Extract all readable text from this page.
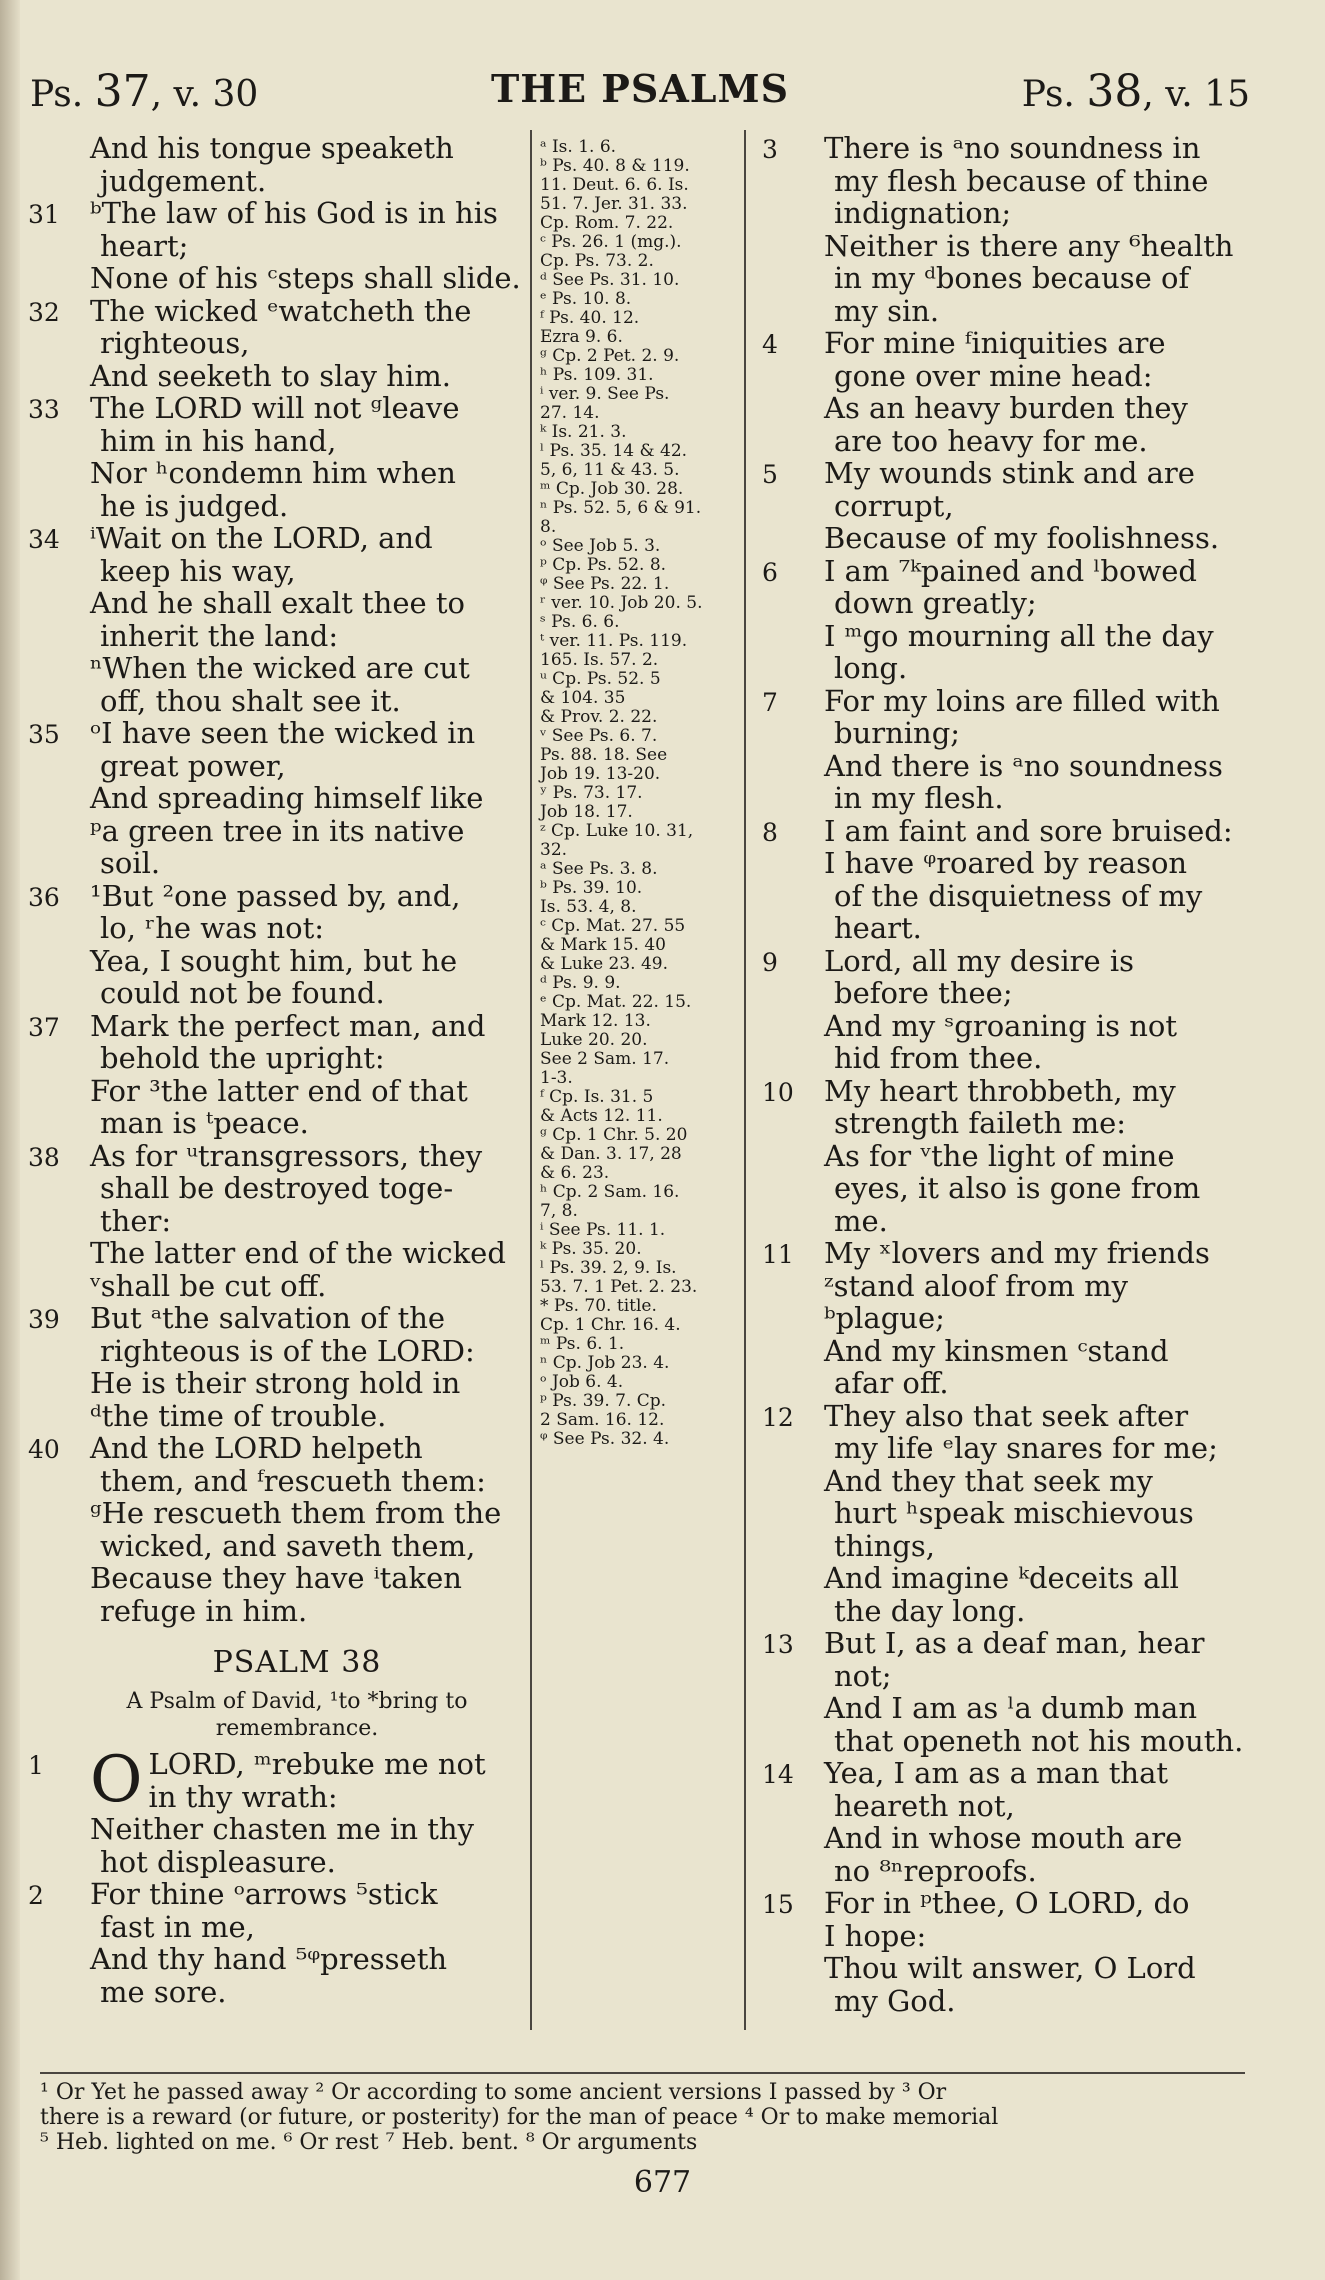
Ps. 37, v. 30	THE PSALMS	Ps. 38, v. 15
And his tongue speaketh
judgement.
31 ᵇThe law of his God is in his
heart;
None of his ᶜsteps shall slide.
32 The wicked ᵉwatcheth the
righteous,
And seeketh to slay him.
33 The LORD will not ᵍleave
him in his hand,
Nor ʰcondemn him when
he is judged.
34 ⁱWait on the LORD, and
keep his way,
And he shall exalt thee to
inherit the land:
ⁿWhen the wicked are cut
off, thou shalt see it.
35 ᵒI have seen the wicked in
great power,
And spreading himself like
ᵖa green tree in its native
soil.
36 ¹But ²one passed by, and,
lo, ʳhe was not:
Yea, I sought him, but he
could not be found.
37 Mark the perfect man, and
behold the upright:
For ³the latter end of that
man is ᵗpeace.
38 As for ᵘtransgressors, they
shall be destroyed toge-
ther:
The latter end of the wicked
ᵛshall be cut off.
39 But ᵃthe salvation of the
righteous is of the LORD:
He is their strong hold in
ᵈthe time of trouble.
40 And the LORD helpeth
them, and ᶠrescueth them:
ᵍHe rescueth them from the
wicked, and saveth them,
Because they have ⁱtaken
refuge in him.
PSALM 38
A Psalm of David, ¹to *bring to remembrance.
1 O LORD, ᵐrebuke me not
in thy wrath:
Neither chasten me in thy
hot displeasure.
2 For thine ᵒarrows ⁵stick
fast in me,
And thy hand ⁵ᵠpresseth
me sore.
ᵃ Is. 1. 6.
ᵇ Ps. 40. 8 & 119.
11. Deut. 6. 6. Is.
51. 7. Jer. 31. 33.
Cp. Rom. 7. 22.
ᶜ Ps. 26. 1 (mg.).
Cp. Ps. 73. 2.
ᵈ See Ps. 31. 10.
ᵉ Ps. 10. 8.
ᶠ Ps. 40. 12.
Ezra 9. 6.
ᵍ Cp. 2 Pet. 2. 9.
ʰ Ps. 109. 31.
ⁱ ver. 9. See Ps.
27. 14.
ᵏ Is. 21. 3.
ˡ Ps. 35. 14 & 42.
5, 6, 11 & 43. 5.
ᵐ Cp. Job 30. 28.
ⁿ Ps. 52. 5, 6 & 91.
8.
ᵒ See Job 5. 3.
ᵖ Cp. Ps. 52. 8.
ᵠ See Ps. 22. 1.
ʳ ver. 10. Job 20. 5.
ˢ Ps. 6. 6.
ᵗ ver. 11. Ps. 119.
165. Is. 57. 2.
ᵘ Cp. Ps. 52. 5
& 104. 35
& Prov. 2. 22.
ᵛ See Ps. 6. 7.
Ps. 88. 18. See
Job 19. 13-20.
ʸ Ps. 73. 17.
Job 18. 17.
ᶻ Cp. Luke 10. 31,
32.
ᵃ See Ps. 3. 8.
ᵇ Ps. 39. 10.
Is. 53. 4, 8.
ᶜ Cp. Mat. 27. 55
& Mark 15. 40
& Luke 23. 49.
ᵈ Ps. 9. 9.
ᵉ Cp. Mat. 22. 15.
Mark 12. 13.
Luke 20. 20.
See 2 Sam. 17.
1-3.
ᶠ Cp. Is. 31. 5
& Acts 12. 11.
ᵍ Cp. 1 Chr. 5. 20
& Dan. 3. 17, 28
& 6. 23.
ʰ Cp. 2 Sam. 16.
7, 8.
ⁱ See Ps. 11. 1.
ᵏ Ps. 35. 20.
ˡ Ps. 39. 2, 9. Is.
53. 7. 1 Pet. 2. 23.
* Ps. 70. title.
Cp. 1 Chr. 16. 4.
ᵐ Ps. 6. 1.
ⁿ Cp. Job 23. 4.
ᵒ Job 6. 4.
ᵖ Ps. 39. 7. Cp.
2 Sam. 16. 12.
ᵠ See Ps. 32. 4.
3 There is ᵃno soundness in
my flesh because of thine
indignation;
Neither is there any ⁶health
in my ᵈbones because of
my sin.
4 For mine ᶠiniquities are
gone over mine head:
As an heavy burden they
are too heavy for me.
5 My wounds stink and are
corrupt,
Because of my foolishness.
6 I am ⁷ᵏpained and ˡbowed
down greatly;
I ᵐgo mourning all the day
long.
7 For my loins are filled with
burning;
And there is ᵃno soundness
in my flesh.
8 I am faint and sore bruised:
I have ᵠroared by reason
of the disquietness of my
heart.
9 Lord, all my desire is
before thee;
And my ˢgroaning is not
hid from thee.
10 My heart throbbeth, my
strength faileth me:
As for ᵛthe light of mine
eyes, it also is gone from
me.
11 My ˣlovers and my friends
ᶻstand aloof from my
ᵇplague;
And my kinsmen ᶜstand
afar off.
12 They also that seek after
my life ᵉlay snares for me;
And they that seek my
hurt ʰspeak mischievous
things,
And imagine ᵏdeceits all
the day long.
13 But I, as a deaf man, hear
not;
And I am as ˡa dumb man
that openeth not his mouth.
14 Yea, I am as a man that
heareth not,
And in whose mouth are
no ⁸ⁿreproofs.
15 For in ᵖthee, O LORD, do
I hope:
Thou wilt answer, O Lord
my God.
¹ Or Yet he passed away ² Or according to some ancient versions I passed by ³ Or
there is a reward (or future, or posterity) for the man of peace ⁴ Or to make memorial
⁵ Heb. lighted on me. ⁶ Or rest ⁷ Heb. bent. ⁸ Or arguments
677
